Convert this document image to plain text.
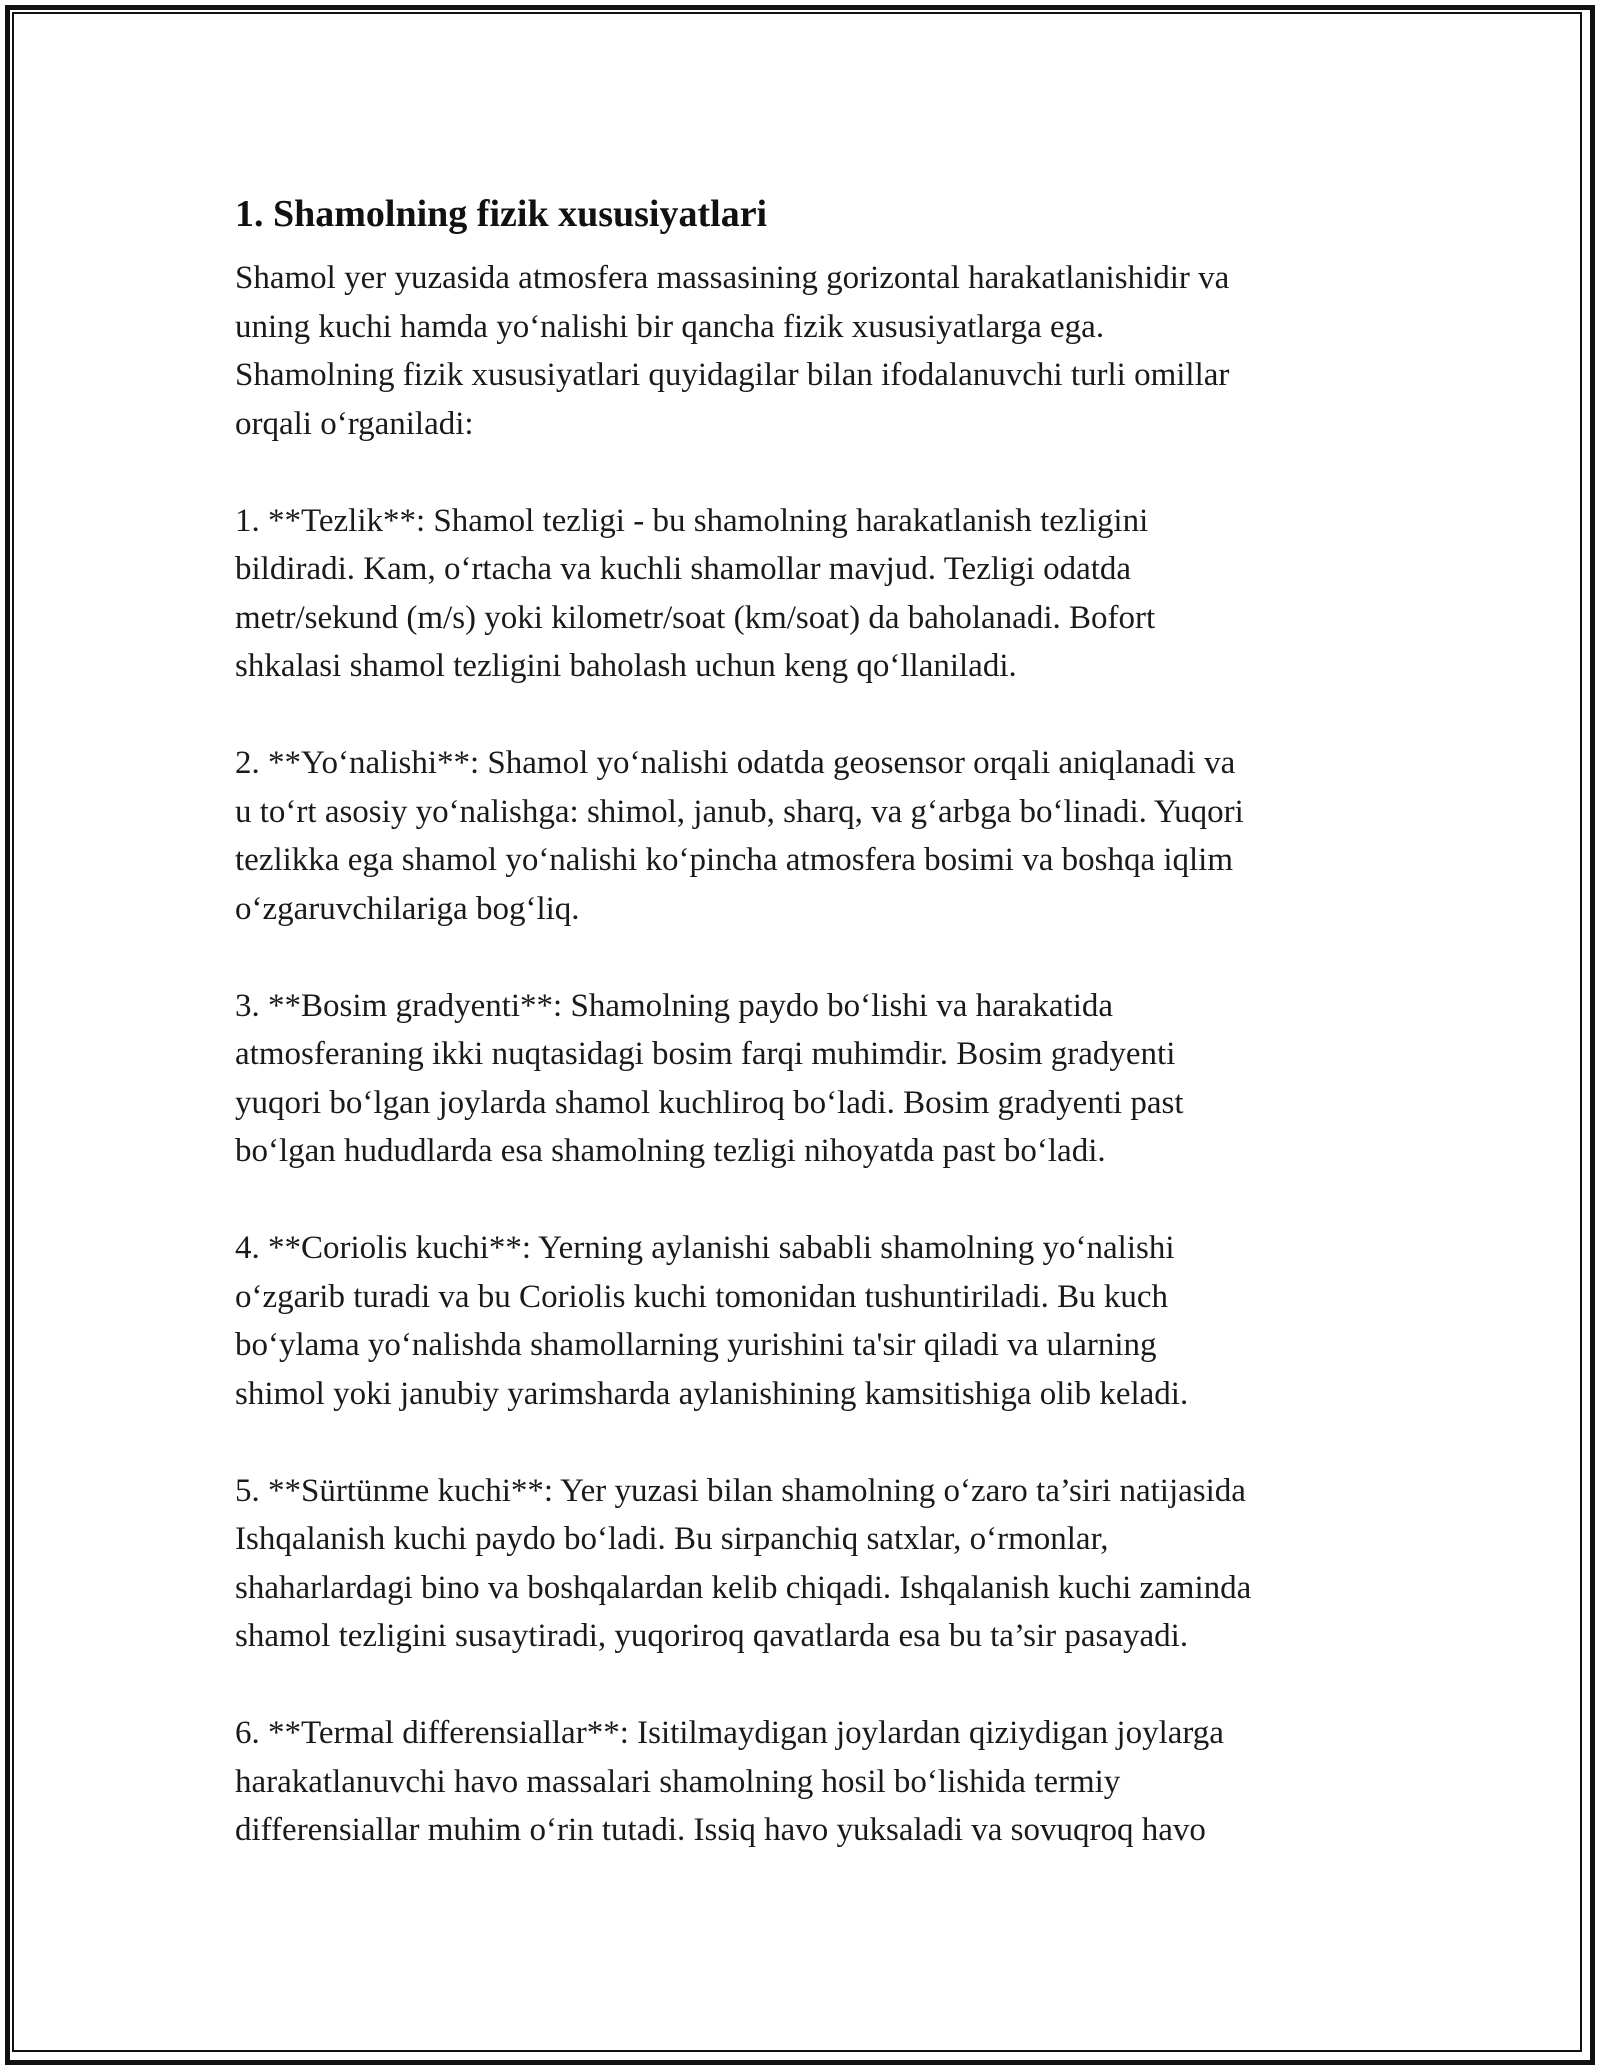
1. Shamolning fizik xususiyatlari

Shamol yer yuzasida atmosfera massasining gorizontal harakatlanishidir va
uning kuchi hamda yo‘nalishi bir qancha fizik xususiyatlarga ega.
Shamolning fizik xususiyatlari quyidagilar bilan ifodalanuvchi turli omillar
orqali o‘rganiladi:

1. **Tezlik**: Shamol tezligi - bu shamolning harakatlanish tezligini
bildiradi. Kam, o‘rtacha va kuchli shamollar mavjud. Tezligi odatda
metr/sekund (m/s) yoki kilometr/soat (km/soat) da baholanadi. Bofort
shkalasi shamol tezligini baholash uchun keng qo‘llaniladi.

2. **Yo‘nalishi**: Shamol yo‘nalishi odatda geosensor orqali aniqlanadi va
u to‘rt asosiy yo‘nalishga: shimol, janub, sharq, va g‘arbga bo‘linadi. Yuqori
tezlikka ega shamol yo‘nalishi ko‘pincha atmosfera bosimi va boshqa iqlim
o‘zgaruvchilariga bog‘liq.

3. **Bosim gradyenti**: Shamolning paydo bo‘lishi va harakatida
atmosferaning ikki nuqtasidagi bosim farqi muhimdir. Bosim gradyenti
yuqori bo‘lgan joylarda shamol kuchliroq bo‘ladi. Bosim gradyenti past
bo‘lgan hududlarda esa shamolning tezligi nihoyatda past bo‘ladi.

4. **Coriolis kuchi**: Yerning aylanishi sababli shamolning yo‘nalishi
o‘zgarib turadi va bu Coriolis kuchi tomonidan tushuntiriladi. Bu kuch
bo‘ylama yo‘nalishda shamollarning yurishini ta'sir qiladi va ularning
shimol yoki janubiy yarimsharda aylanishining kamsitishiga olib keladi.

5. **Sürtünme kuchi**: Yer yuzasi bilan shamolning o‘zaro ta’siri natijasida
Ishqalanish kuchi paydo bo‘ladi. Bu sirpanchiq satxlar, o‘rmonlar,
shaharlardagi bino va boshqalardan kelib chiqadi. Ishqalanish kuchi zaminda
shamol tezligini susaytiradi, yuqoriroq qavatlarda esa bu ta’sir pasayadi.

6. **Termal differensiallar**: Isitilmaydigan joylardan qiziydigan joylarga
harakatlanuvchi havo massalari shamolning hosil bo‘lishida termiy
differensiallar muhim o‘rin tutadi. Issiq havo yuksaladi va sovuqroq havo
